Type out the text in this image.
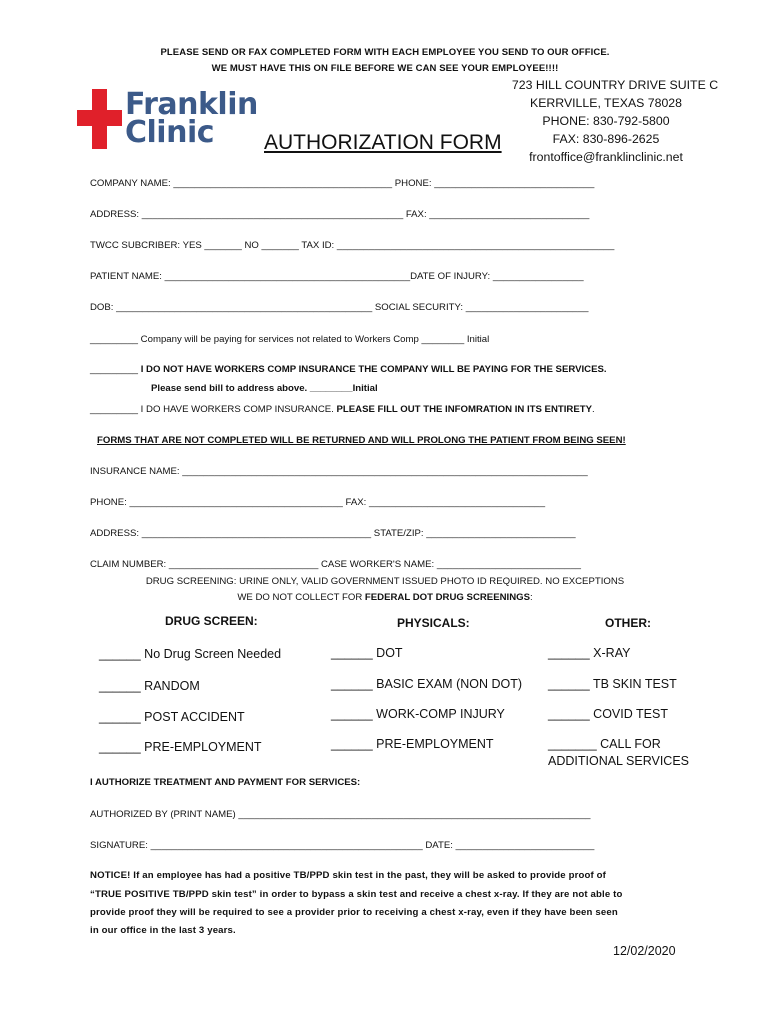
PLEASE SEND OR FAX COMPLETED FORM WITH EACH EMPLOYEE YOU SEND TO OUR OFFICE.
WE MUST HAVE THIS ON FILE BEFORE WE CAN SEE YOUR EMPLOYEE!!!!
Franklin
Clinic
723 HILL COUNTRY DRIVE SUITE C
KERRVILLE, TEXAS 78028
PHONE: 830-792-5800
FAX: 830-896-2625
frontoffice@franklinclinic.net
AUTHORIZATION FORM
COMPANY NAME: _________________________________________ PHONE: ______________________________
ADDRESS: _________________________________________________ FAX: ______________________________
TWCC SUBCRIBER: YES _______ NO _______ TAX ID: ____________________________________________________
PATIENT NAME: ______________________________________________DATE OF INJURY: _________________
DOB: ________________________________________________ SOCIAL SECURITY: _______________________
_________ Company will be paying for services not related to Workers Comp ________ Initial
_________ I DO NOT HAVE WORKERS COMP INSURANCE THE COMPANY WILL BE PAYING FOR THE SERVICES.
Please send bill to address above. ________Initial
_________ I DO HAVE WORKERS COMP INSURANCE. PLEASE FILL OUT THE INFOMRATION IN ITS ENTIRETY.
FORMS THAT ARE NOT COMPLETED WILL BE RETURNED AND WILL PROLONG THE PATIENT FROM BEING SEEN!
INSURANCE NAME: ____________________________________________________________________________
PHONE: ________________________________________ FAX: _________________________________
ADDRESS: ___________________________________________ STATE/ZIP: ____________________________
CLAIM NUMBER: ____________________________ CASE WORKER'S NAME: ___________________________
DRUG SCREENING: URINE ONLY, VALID GOVERNMENT ISSUED PHOTO ID REQUIRED. NO EXCEPTIONS
WE DO NOT COLLECT FOR FEDERAL DOT DRUG SCREENINGS:
DRUG SCREEN:	PHYSICALS:	OTHER:
______ No Drug Screen Needed
______ RANDOM
______ POST ACCIDENT
______ PRE-EMPLOYMENT
______ DOT
______ BASIC EXAM (NON DOT)
______ WORK-COMP INJURY
______ PRE-EMPLOYMENT
______ X-RAY
______ TB SKIN TEST
______ COVID TEST
_______ CALL FOR
ADDITIONAL SERVICES
I AUTHORIZE TREATMENT AND PAYMENT FOR SERVICES:
AUTHORIZED BY (PRINT NAME) __________________________________________________________________
SIGNATURE: ___________________________________________________ DATE: __________________________
NOTICE! If an employee has had a positive TB/PPD skin test in the past, they will be asked to provide proof of
“TRUE POSITIVE TB/PPD skin test” in order to bypass a skin test and receive a chest x-ray. If they are not able to
provide proof they will be required to see a provider prior to receiving a chest x-ray, even if they have been seen
in our office in the last 3 years.
12/02/2020
